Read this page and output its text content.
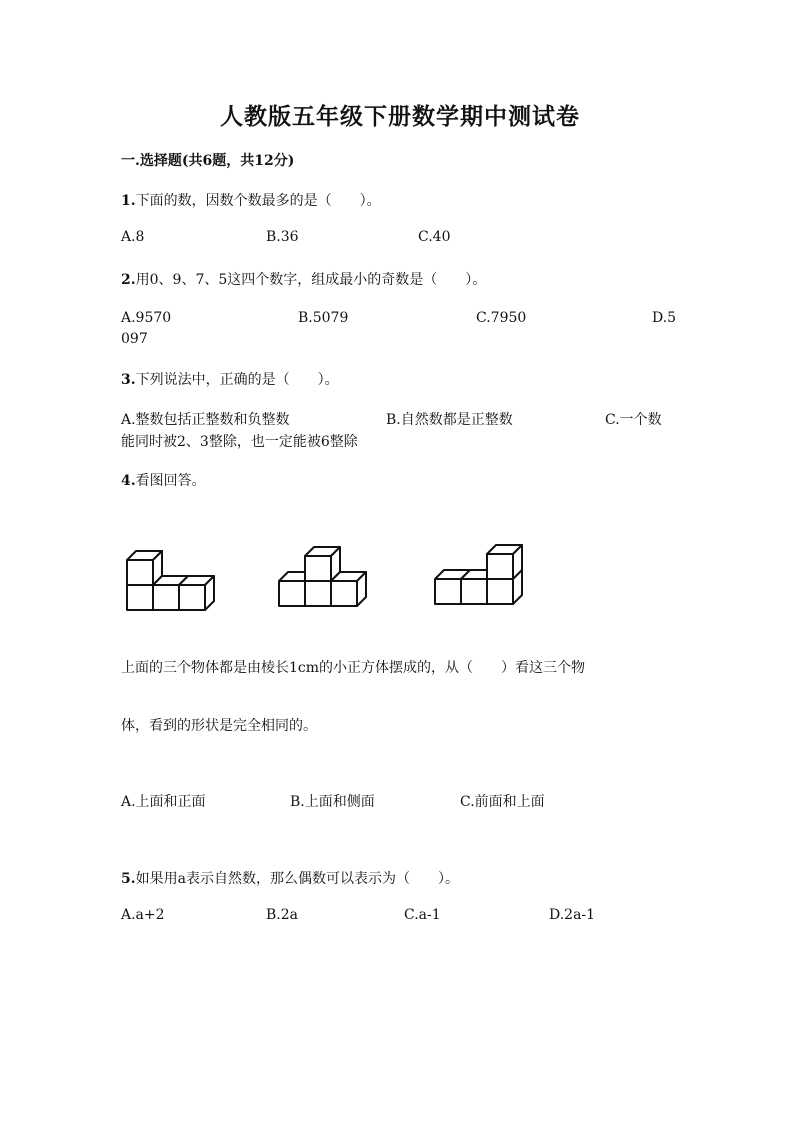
人教版五年级下册数学期中测试卷
一.选择题(共6题，共12分)
1.下面的数，因数个数最多的是（　　）。
A.8	B.36	C.40
2.用0、9、7、5这四个数字，组成最小的奇数是（　　）。
A.9570	B.5079	C.7950	D.5
097
3.下列说法中，正确的是（　　）。
A.整数包括正整数和负整数	B.自然数都是正整数	C.一个数
能同时被2、3整除，也一定能被6整除
4.看图回答。
上面的三个物体都是由棱长1cm的小正方体摆成的，从（　　）看这三个物
体，看到的形状是完全相同的。
A.上面和正面	B.上面和侧面	C.前面和上面
5.如果用a表示自然数，那么偶数可以表示为（　　）。
A.a+2	B.2a	C.a-1	D.2a-1
